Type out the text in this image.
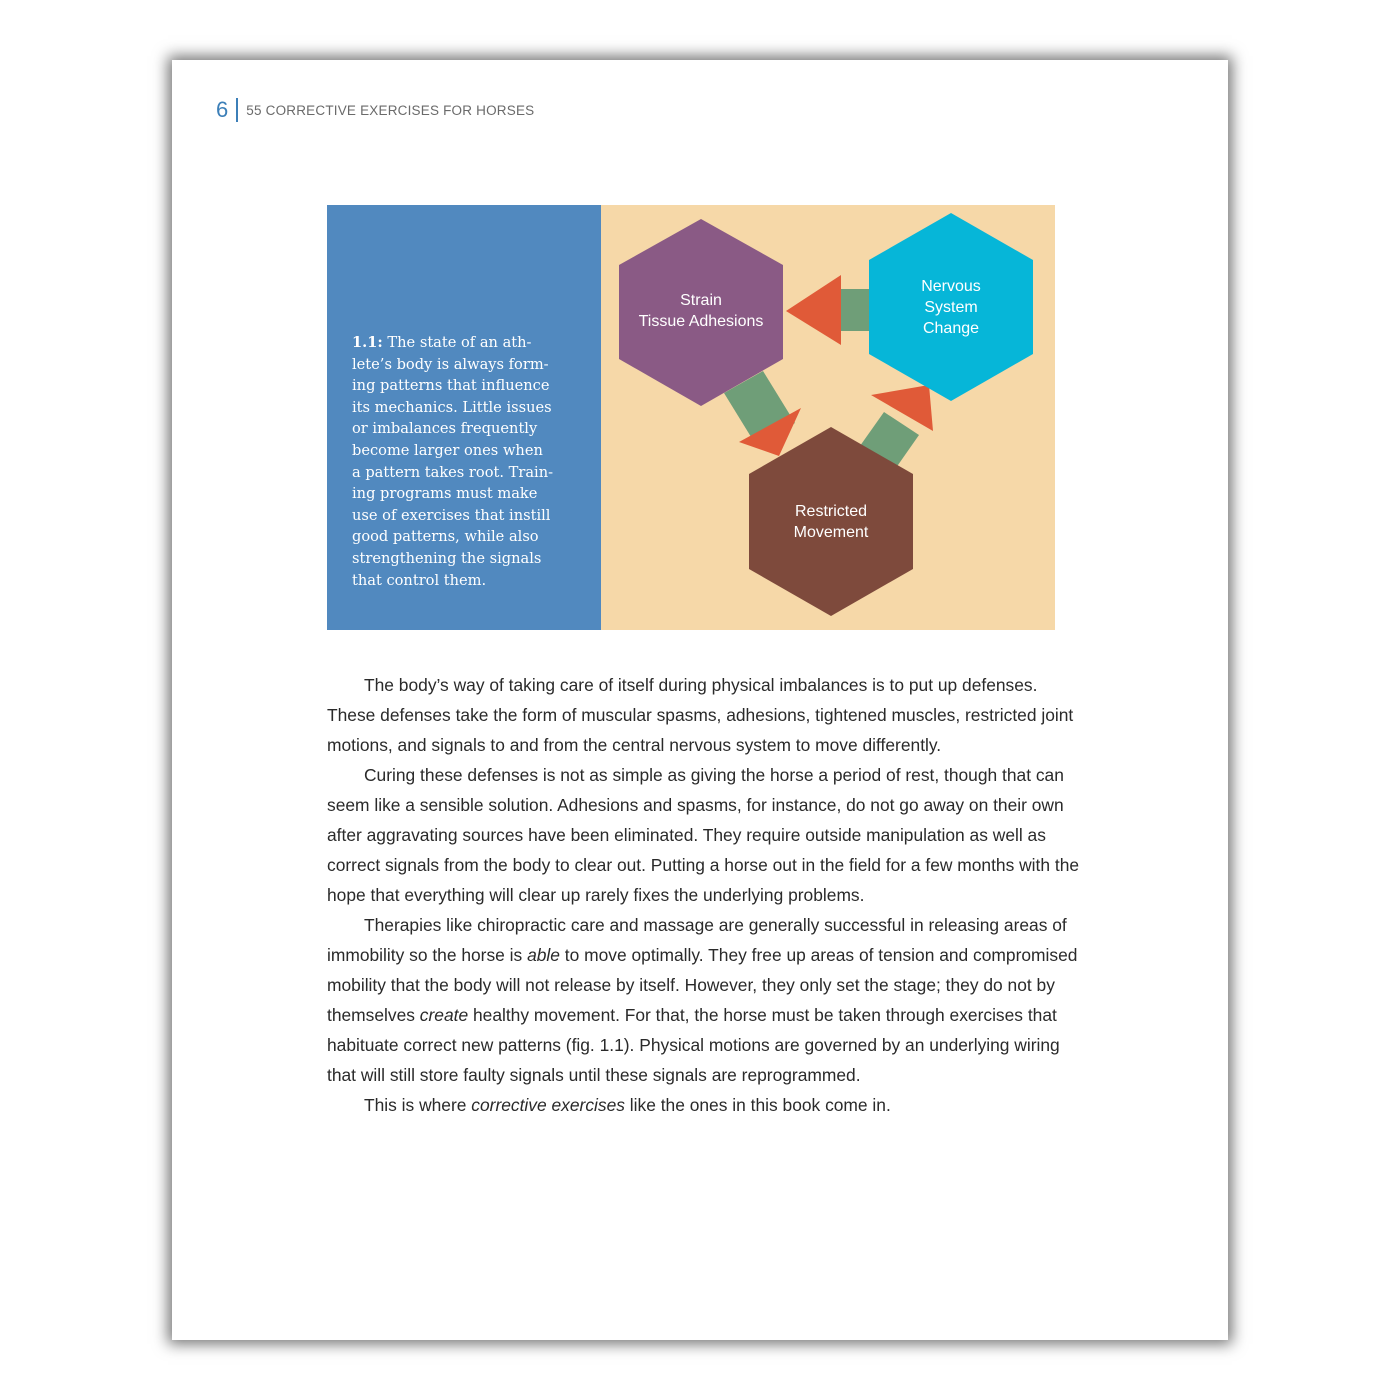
6 55 CORRECTIVE EXERCISES FOR HORSES
1.1: The state of an ath-
lete’s body is always form-
ing patterns that influence
its mechanics. Little issues
or imbalances frequently
become larger ones when
a pattern takes root. Train-
ing programs must make
use of exercises that instill
good patterns, while also
strengthening the signals
that control them.
Strain Tissue Adhesions
Nervous System Change
Restricted Movement

The body’s way of taking care of itself during physical imbalances is to put up defenses. These defenses take the form of muscular spasms, adhesions, tightened muscles, restricted joint motions, and signals to and from the central nervous system to move differently.

Curing these defenses is not as simple as giving the horse a period of rest, though that can seem like a sensible solution. Adhesions and spasms, for instance, do not go away on their own after aggravating sources have been eliminated. They require outside manipulation as well as correct signals from the body to clear out. Putting a horse out in the field for a few months with the hope that everything will clear up rarely fixes the underlying problems.

Therapies like chiropractic care and massage are generally successful in releasing areas of immobility so the horse is able to move optimally. They free up areas of tension and compromised mobility that the body will not release by itself. However, they only set the stage; they do not by themselves create healthy movement. For that, the horse must be taken through exercises that habituate correct new patterns (fig. 1.1). Physical motions are governed by an underlying wiring that will still store faulty signals until these signals are reprogrammed.

This is where corrective exercises like the ones in this book come in.
